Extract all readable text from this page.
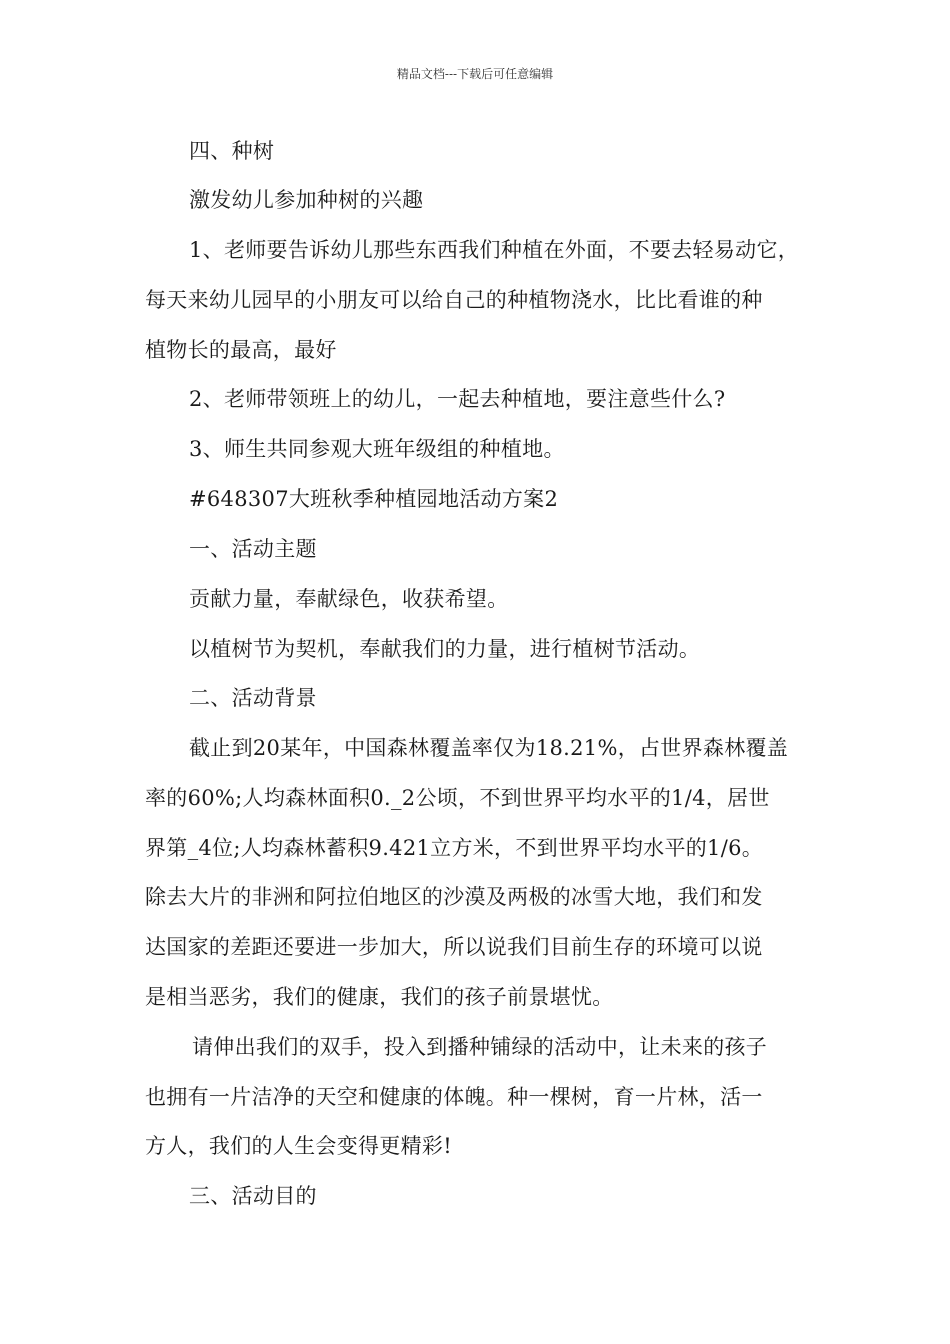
精品文档---下载后可任意编辑
四、种树
激发幼儿参加种树的兴趣
1、老师要告诉幼儿那些东西我们种植在外面，不要去轻易动它，
每天来幼儿园早的小朋友可以给自己的种植物浇水，比比看谁的种
植物长的最高，最好
2、老师带领班上的幼儿，一起去种植地，要注意些什么?
3、师生共同参观大班年级组的种植地。
#648307大班秋季种植园地活动方案2
一、活动主题
贡献力量，奉献绿色，收获希望。
以植树节为契机，奉献我们的力量，进行植树节活动。
二、活动背景
截止到20某年，中国森林覆盖率仅为18.21%，占世界森林覆盖
率的60%;人均森林面积0._2公顷，不到世界平均水平的1/4，居世
界第_4位;人均森林蓄积9.421立方米，不到世界平均水平的1/6。
除去大片的非洲和阿拉伯地区的沙漠及两极的冰雪大地，我们和发
达国家的差距还要进一步加大，所以说我们目前生存的环境可以说
是相当恶劣，我们的健康，我们的孩子前景堪忧。
请伸出我们的双手，投入到播种铺绿的活动中，让未来的孩子
也拥有一片洁净的天空和健康的体魄。种一棵树，育一片林，活一
方人，我们的人生会变得更精彩!
三、活动目的
